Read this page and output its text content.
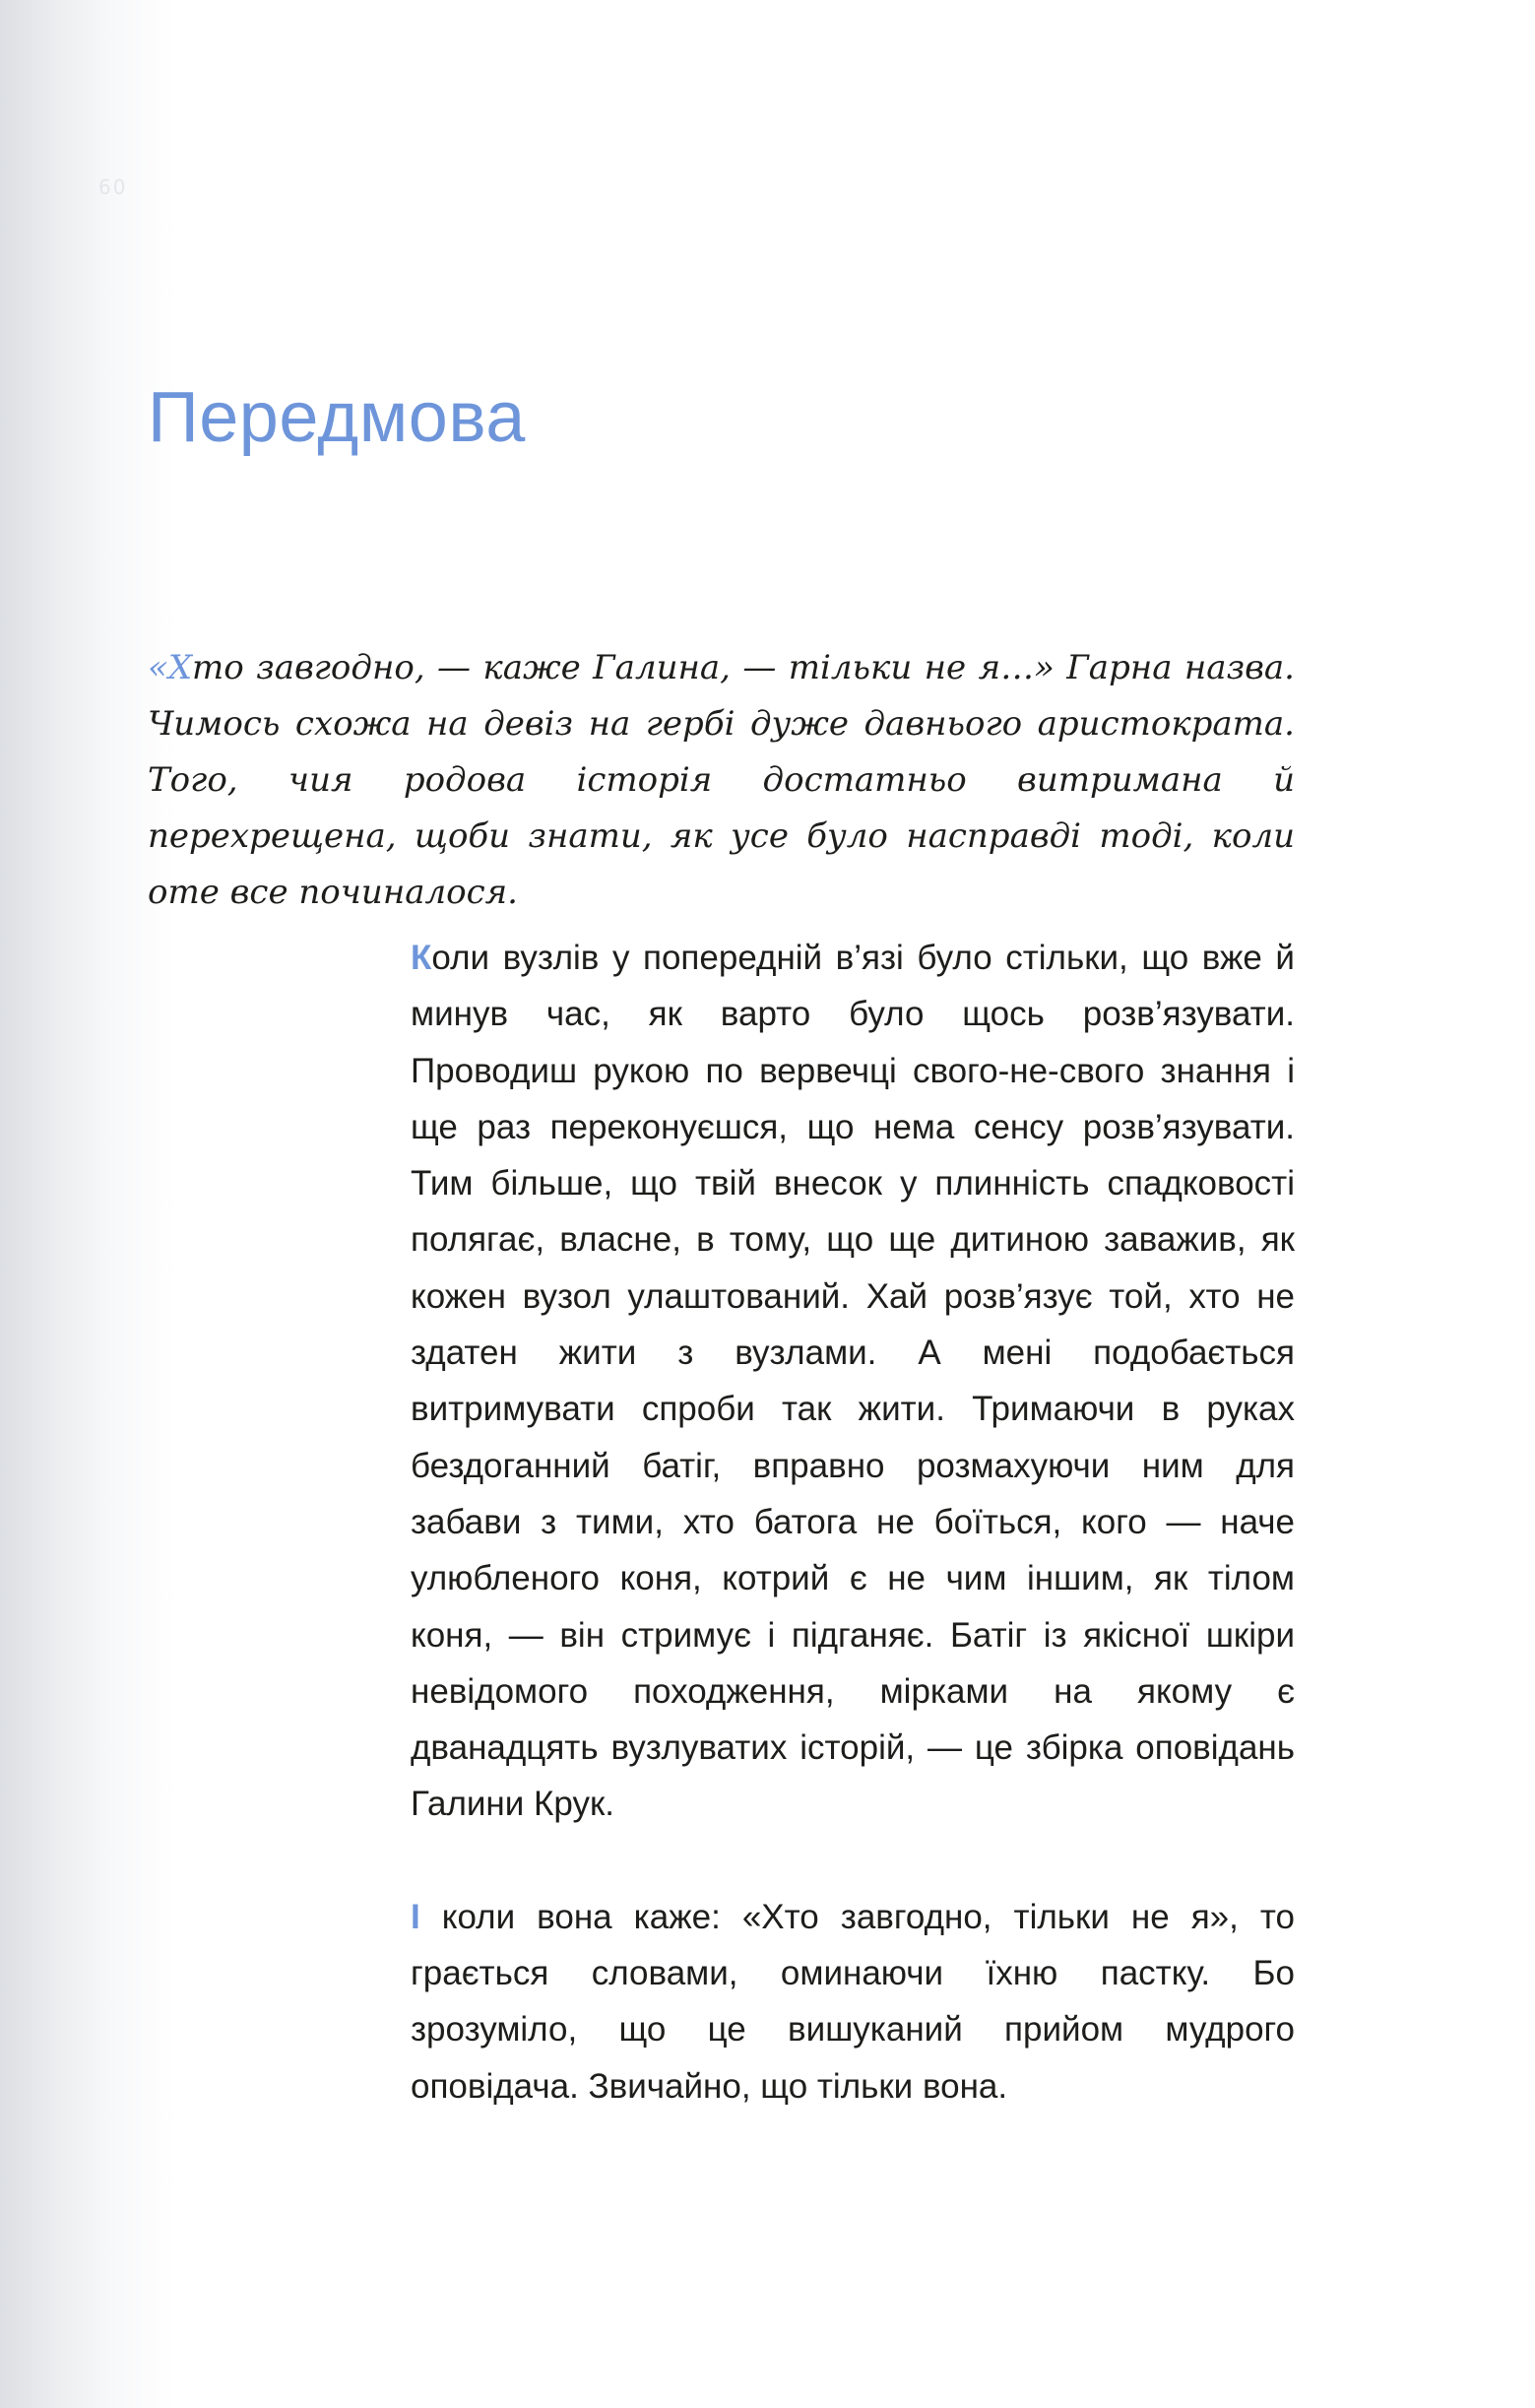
60
Передмова

«Хто завгодно, — каже Галина, — тільки не я…» Гарна назва. Чимось схожа на девіз на гербі дуже давнього аристократа. Того, чия родова історія достатньо витримана й перехрещена, щоби знати, як усе було насправді тоді, коли оте все починалося.

Коли вузлів у попередній в’язі було стільки, що вже й минув час, як варто було щось розв’язувати. Проводиш рукою по вервечці свого-не-свого знання і ще раз переконуєшся, що нема сенсу розв’язувати. Тим більше, що твій внесок у плинність спадковості полягає, власне, в тому, що ще дитиною заважив, як кожен вузол улаштований. Хай розв’язує той, хто не здатен жити з вузлами. А мені подобається витримувати спроби так жити. Тримаючи в руках бездоганний батіг, вправно розмахуючи ним для забави з тими, хто батога не боїться, кого — наче улюбленого коня, котрий є не чим іншим, як тілом коня, — він стримує і підганяє. Батіг із якісної шкіри невідомого походження, мірками на якому є дванадцять вузлуватих історій, — це збірка оповідань Галини Крук.

І коли вона каже: «Хто завгодно, тільки не я», то грається словами, оминаючи їхню пастку. Бо зрозуміло, що це вишуканий прийом мудрого оповідача. Звичайно, що тільки вона.
